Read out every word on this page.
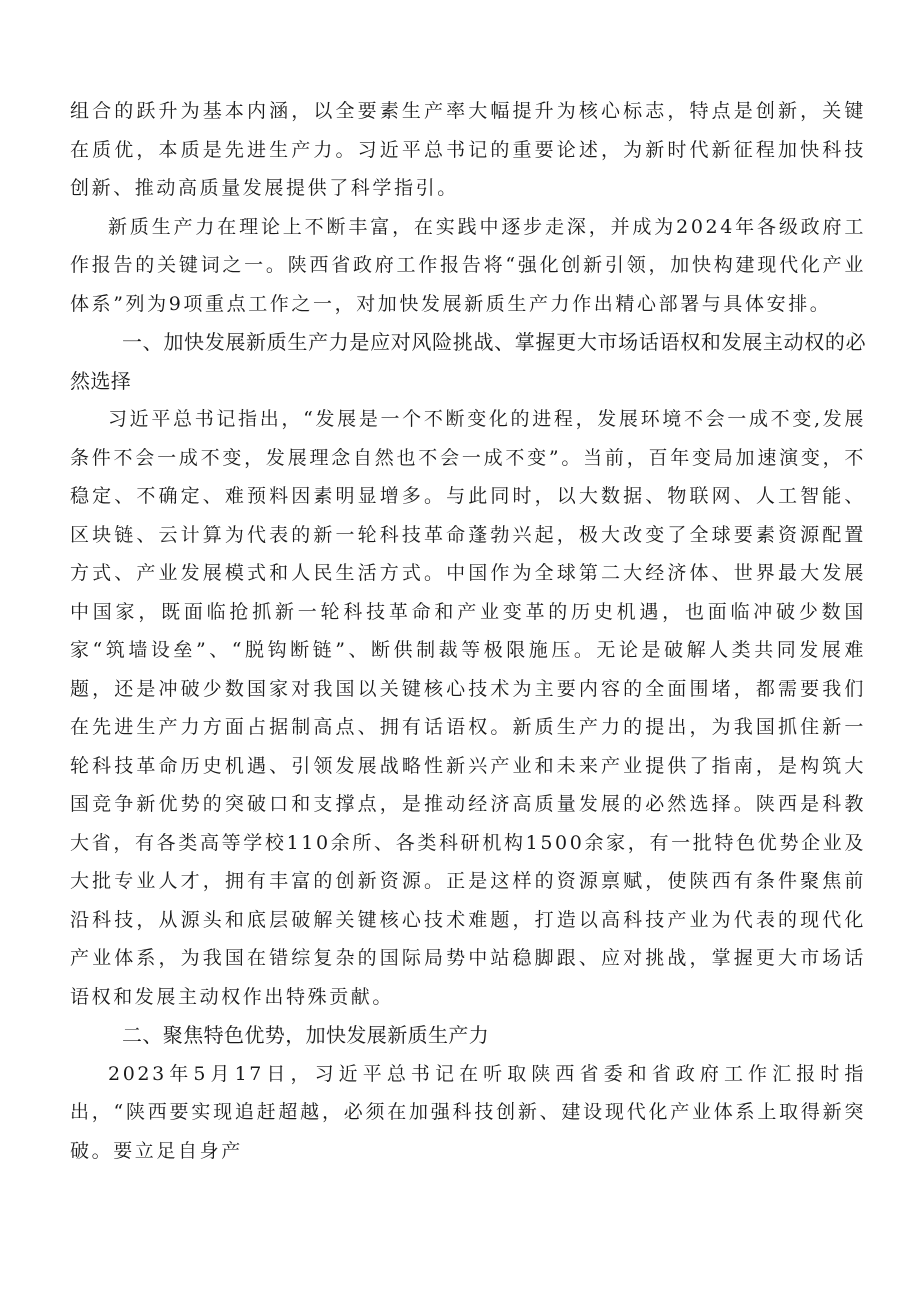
组合的跃升为基本内涵，以全要素生产率大幅提升为核心标志，特点是创新，关键在质优，本质是先进生产力。习近平总书记的重要论述，为新时代新征程加快科技创新、推动高质量发展提供了科学指引。

新质生产力在理论上不断丰富，在实践中逐步走深，并成为2024年各级政府工作报告的关键词之一。陕西省政府工作报告将“强化创新引领，加快构建现代化产业体系”列为9项重点工作之一，对加快发展新质生产力作出精心部署与具体安排。

一、加快发展新质生产力是应对风险挑战、掌握更大市场话语权和发展主动权的必然选择

习近平总书记指出，“发展是一个不断变化的进程，发展环境不会一成不变,发展条件不会一成不变，发展理念自然也不会一成不变”。当前，百年变局加速演变，不稳定、不确定、难预料因素明显增多。与此同时，以大数据、物联网、人工智能、区块链、云计算为代表的新一轮科技革命蓬勃兴起，极大改变了全球要素资源配置方式、产业发展模式和人民生活方式。中国作为全球第二大经济体、世界最大发展中国家，既面临抢抓新一轮科技革命和产业变革的历史机遇，也面临冲破少数国家“筑墙设垒”、“脱钩断链”、断供制裁等极限施压。无论是破解人类共同发展难题，还是冲破少数国家对我国以关键核心技术为主要内容的全面围堵，都需要我们在先进生产力方面占据制高点、拥有话语权。新质生产力的提出，为我国抓住新一轮科技革命历史机遇、引领发展战略性新兴产业和未来产业提供了指南，是构筑大国竞争新优势的突破口和支撑点，是推动经济高质量发展的必然选择。陕西是科教大省，有各类高等学校110余所、各类科研机构1500余家，有一批特色优势企业及大批专业人才，拥有丰富的创新资源。正是这样的资源禀赋，使陕西有条件聚焦前沿科技，从源头和底层破解关键核心技术难题，打造以高科技产业为代表的现代化产业体系，为我国在错综复杂的国际局势中站稳脚跟、应对挑战，掌握更大市场话语权和发展主动权作出特殊贡献。

二、聚焦特色优势，加快发展新质生产力

2023年5月17日，习近平总书记在听取陕西省委和省政府工作汇报时指出，“陕西要实现追赶超越，必须在加强科技创新、建设现代化产业体系上取得新突破。要立足自身产
